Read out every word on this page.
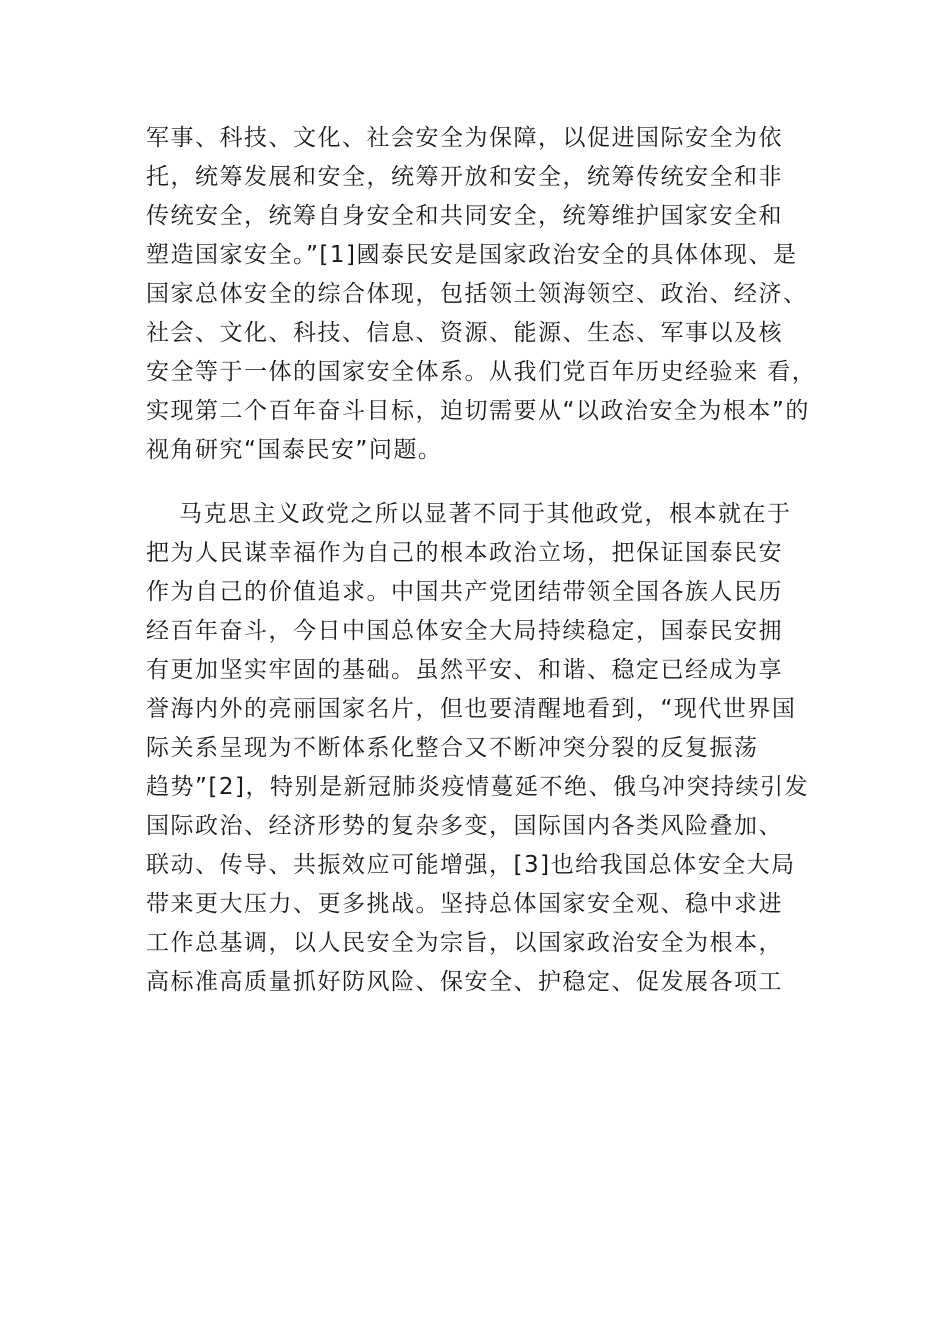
军事、科技、文化、社会安全为保障，以促进国际安全为依
托，统筹发展和安全，统筹开放和安全，统筹传统安全和非
传统安全，统筹自身安全和共同安全，统筹维护国家安全和
塑造国家安全。”[1]國泰民安是国家政治安全的具体体现、是
国家总体安全的综合体现，包括领土领海领空、政治、经济、
社会、文化、科技、信息、资源、能源、生态、军事以及核
安全等于一体的国家安全体系。从我们党百年历史经验来 看，
实现第二个百年奋斗目标，迫切需要从“以政治安全为根本”的
视角研究“国泰民安”问题。
马克思主义政党之所以显著不同于其他政党，根本就在于
把为人民谋幸福作为自己的根本政治立场，把保证国泰民安
作为自己的价值追求。中国共产党团结带领全国各族人民历
经百年奋斗，今日中国总体安全大局持续稳定，国泰民安拥
有更加坚实牢固的基础。虽然平安、和谐、稳定已经成为享
誉海内外的亮丽国家名片，但也要清醒地看到，“现代世界国
际关系呈现为不断体系化整合又不断冲突分裂的反复振荡
趋势”[2]，特别是新冠肺炎疫情蔓延不绝、俄乌冲突持续引发
国际政治、经济形势的复杂多变，国际国内各类风险叠加、
联动、传导、共振效应可能增强，[3]也给我国总体安全大局
带来更大压力、更多挑战。坚持总体国家安全观、稳中求进
工作总基调，以人民安全为宗旨，以国家政治安全为根本，
高标准高质量抓好防风险、保安全、护稳定、促发展各项工
